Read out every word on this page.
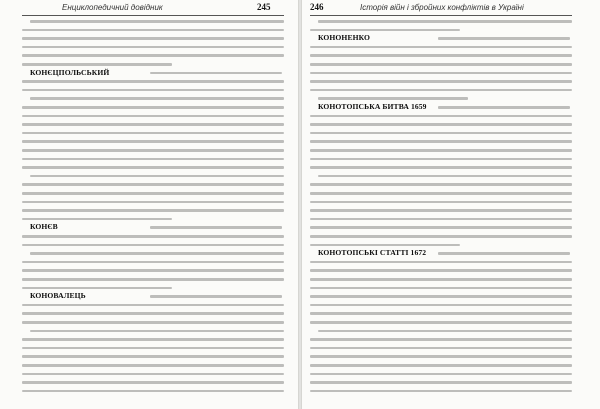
Енциклопедичний довідник	245
КОНЄЦПОЛЬСЬКИЙ
КОНЄВ
КОНОВАЛЕЦЬ
246	Історія війн і збройних конфліктів в Україні
КОНОНЕНКО
КОНОТОПСЬКА БИТВА 1659
КОНОТОПСЬКІ СТАТТІ 1672
